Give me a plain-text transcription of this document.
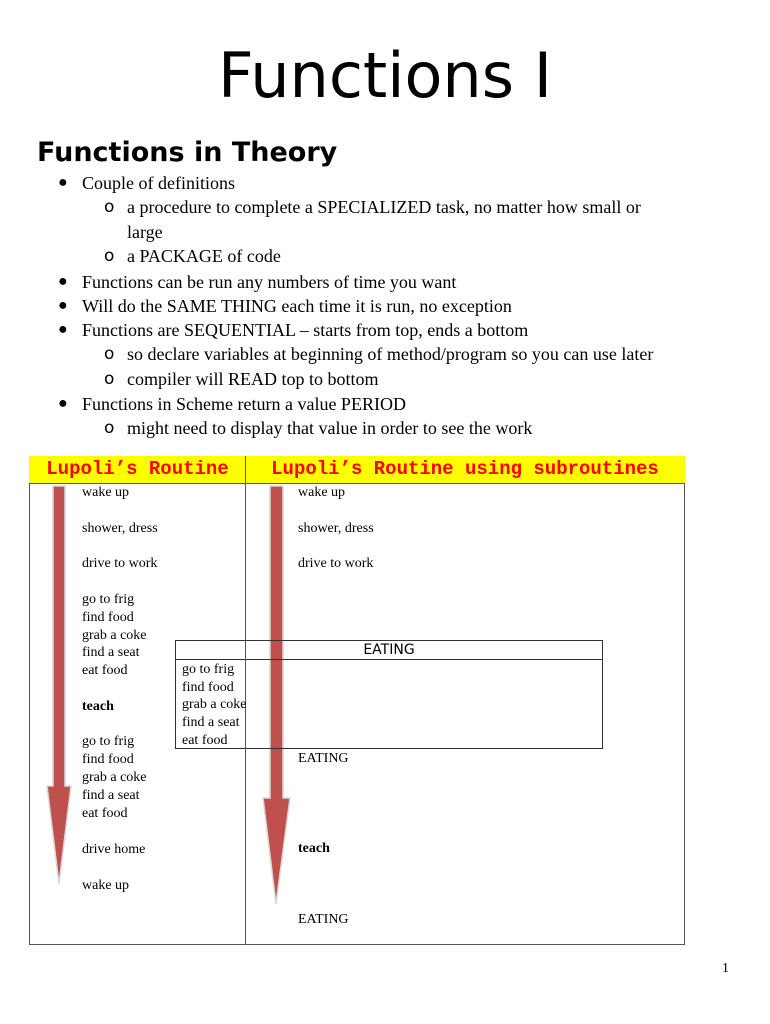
Functions I
Functions in Theory
● Couple of definitions
o a procedure to complete a SPECIALIZED task, no matter how small or
large
o a PACKAGE of code
● Functions can be run any numbers of time you want
● Will do the SAME THING each time it is run, no exception
● Functions are SEQUENTIAL – starts from top, ends a bottom
o so declare variables at beginning of method/program so you can use later
o compiler will READ top to bottom
● Functions in Scheme return a value PERIOD
o might need to display that value in order to see the work
Lupoli’s Routine	Lupoli’s Routine using subroutines
wake up
shower, dress
drive to work
go to frig
find food
grab a coke
find a seat
eat food
teach
go to frig
find food
grab a coke
find a seat
eat food
drive home
wake up
wake up
shower, dress
drive to work
EATING
teach
EATING
EATING
go to frig
find food
grab a coke
find a seat
eat food
1
